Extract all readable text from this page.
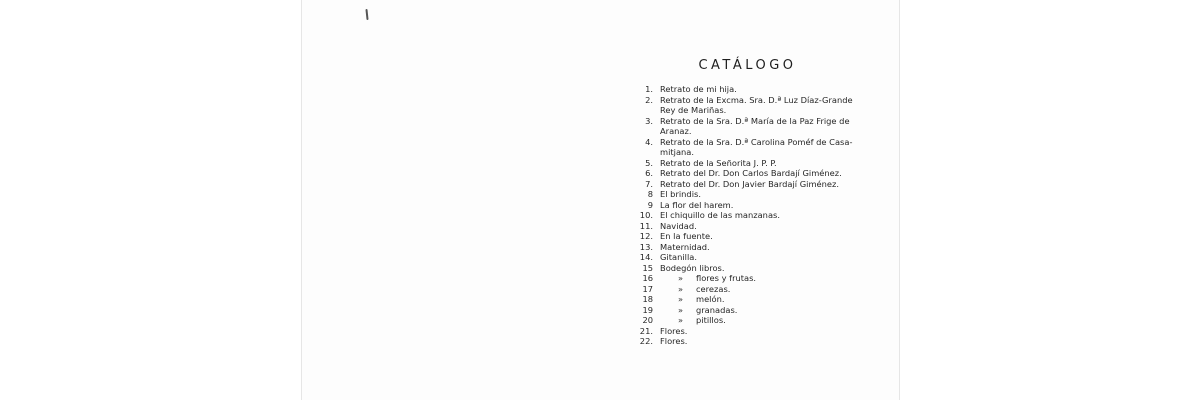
CATÁLOGO
1. Retrato de mi hija.
2. Retrato de la Excma. Sra. D.ª Luz Díaz-Grande
Rey de Mariñas.
3. Retrato de la Sra. D.ª María de la Paz Frige de
Aranaz.
4. Retrato de la Sra. D.ª Carolina Poméf de Casa-
mitjana.
5. Retrato de la Señorita J. P. P.
6. Retrato del Dr. Don Carlos Bardají Giménez.
7. Retrato del Dr. Don Javier Bardají Giménez.
8 El brindis.
9 La flor del harem.
10. El chiquillo de las manzanas.
11. Navidad.
12. En la fuente.
13. Maternidad.
14. Gitanilla.
15 Bodegón libros.
16	»	flores y frutas.
17	»	cerezas.
18	»	melón.
19	»	granadas.
20	»	pitillos.
21. Flores.
22. Flores.
